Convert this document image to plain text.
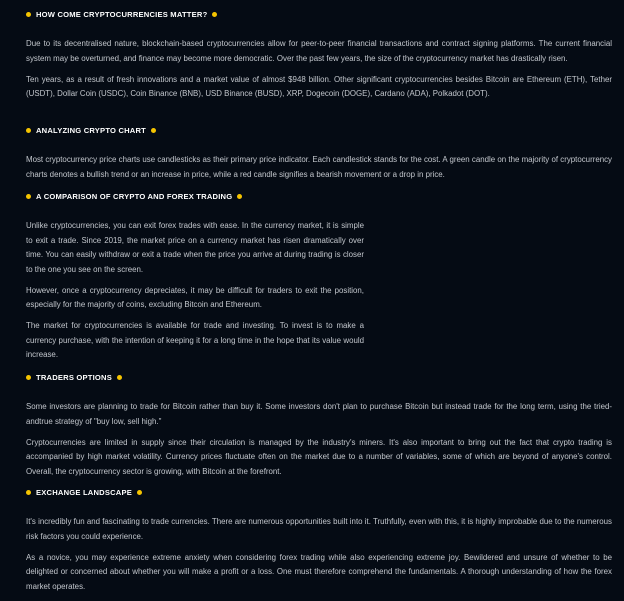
HOW COME CRYPTOCURRENCIES MATTER?

Due to its decentralised nature, blockchain-based cryptocurrencies allow for peer-to-peer financial transactions and contract signing platforms. The current financial system may be overturned, and finance may become more democratic. Over the past few years, the size of the cryptocurrency market has drastically risen.

Ten years, as a result of fresh innovations and a market value of almost $948 billion. Other significant cryptocurrencies besides Bitcoin are Ethereum (ETH), Tether (USDT), Dollar Coin (USDC), Coin Binance (BNB), USD Binance (BUSD), XRP, Dogecoin (DOGE), Cardano (ADA), Polkadot (DOT).

ANALYZING CRYPTO CHART

Most cryptocurrency price charts use candlesticks as their primary price indicator. Each candlestick stands for the cost. A green candle on the majority of cryptocurrency charts denotes a bullish trend or an increase in price, while a red candle signifies a bearish movement or a drop in price.

A COMPARISON OF CRYPTO AND FOREX TRADING

Unlike cryptocurrencies, you can exit forex trades with ease. In the currency market, it is simple to exit a trade. Since 2019, the market price on a currency market has risen dramatically over time. You can easily withdraw or exit a trade when the price you arrive at during trading is closer to the one you see on the screen.

However, once a cryptocurrency depreciates, it may be difficult for traders to exit the position, especially for the majority of coins, excluding Bitcoin and Ethereum.

The market for cryptocurrencies is available for trade and investing. To invest is to make a currency purchase, with the intention of keeping it for a long time in the hope that its value would increase.

TRADERS OPTIONS

Some investors are planning to trade for Bitcoin rather than buy it. Some investors don't plan to purchase Bitcoin but instead trade for the long term, using the tried-andtrue strategy of "buy low, sell high."

Cryptocurrencies are limited in supply since their circulation is managed by the industry's miners. It's also important to bring out the fact that crypto trading is accompanied by high market volatility. Currency prices fluctuate often on the market due to a number of variables, some of which are beyond of anyone's control. Overall, the cryptocurrency sector is growing, with Bitcoin at the forefront.

EXCHANGE LANDSCAPE

It's incredibly fun and fascinating to trade currencies. There are numerous opportunities built into it. Truthfully, even with this, it is highly improbable due to the numerous risk factors you could experience.

As a novice, you may experience extreme anxiety when considering forex trading while also experiencing extreme joy. Bewildered and unsure of whether to be delighted or concerned about whether you will make a profit or a loss. One must therefore comprehend the fundamentals. A thorough understanding of how the forex market operates.
